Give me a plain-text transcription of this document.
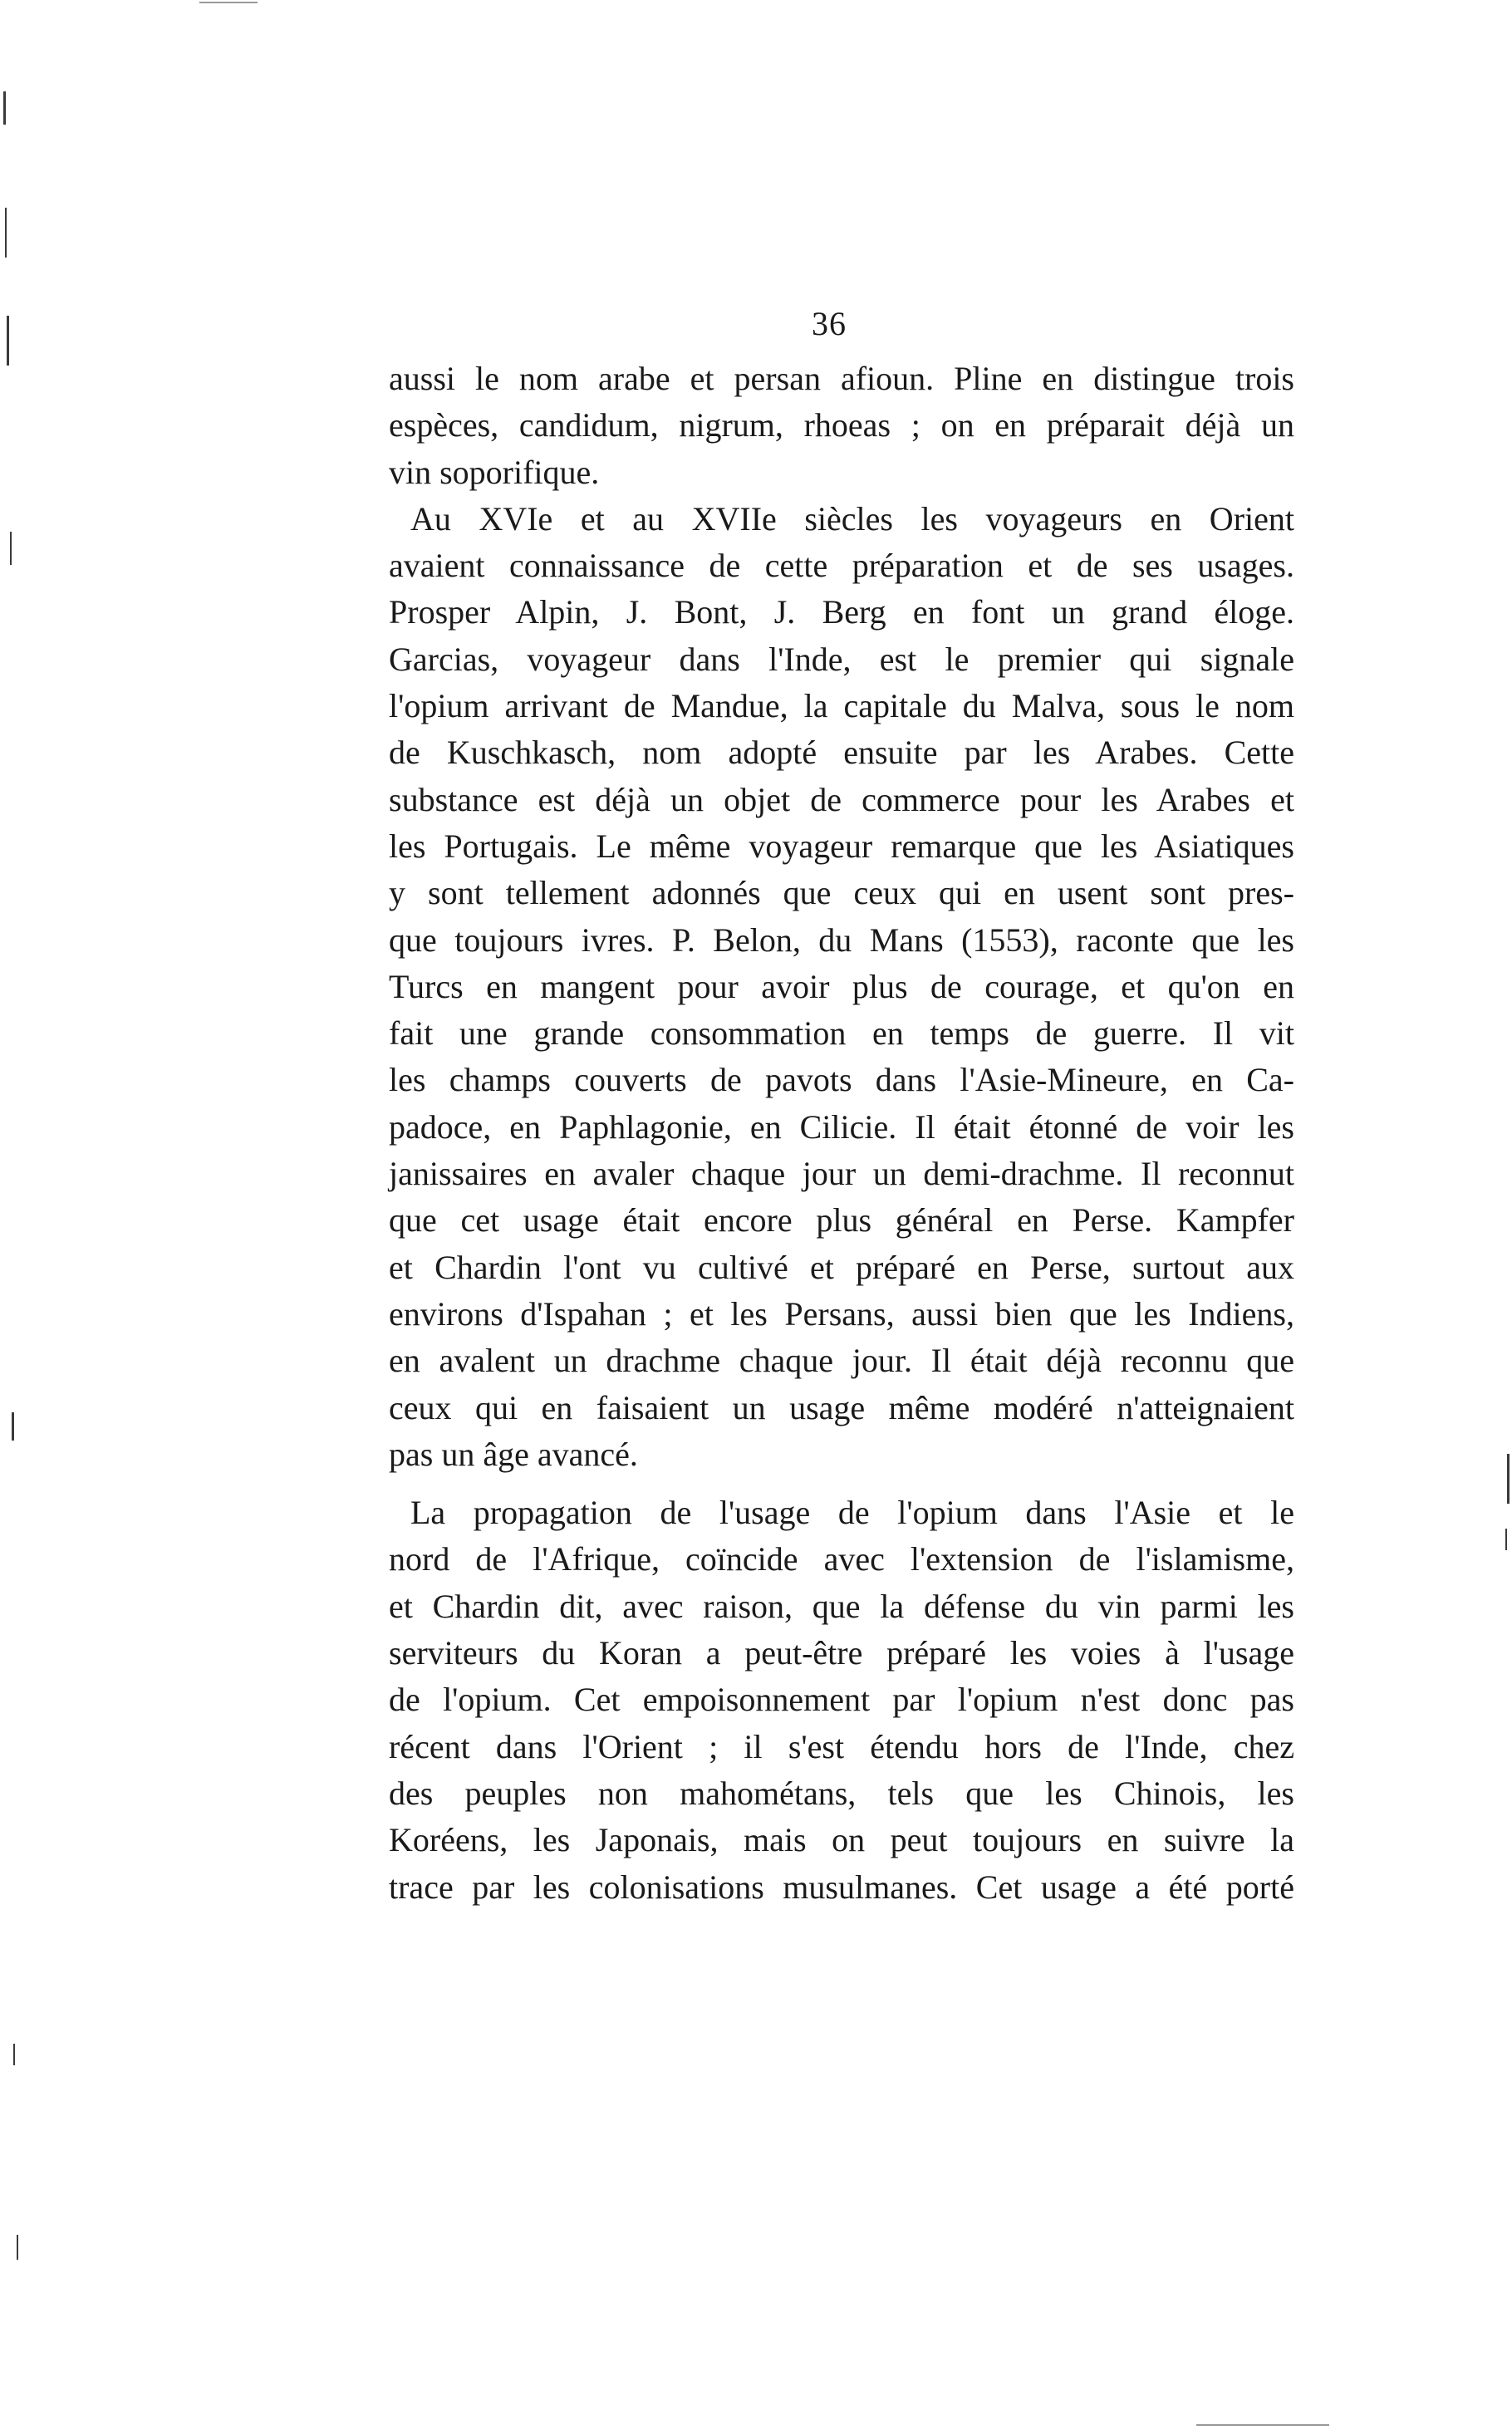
36
aussi le nom arabe et persan afioun. Pline en distingue trois
espèces, candidum, nigrum, rhoeas ; on en préparait déjà un
vin soporifique.
Au XVIe et au XVIIe siècles les voyageurs en Orient
avaient connaissance de cette préparation et de ses usages.
Prosper Alpin, J. Bont, J. Berg en font un grand éloge.
Garcias, voyageur dans l'Inde, est le premier qui signale
l'opium arrivant de Mandue, la capitale du Malva, sous le nom
de Kuschkasch, nom adopté ensuite par les Arabes. Cette
substance est déjà un objet de commerce pour les Arabes et
les Portugais. Le même voyageur remarque que les Asiatiques
y sont tellement adonnés que ceux qui en usent sont pres-
que toujours ivres. P. Belon, du Mans (1553), raconte que les
Turcs en mangent pour avoir plus de courage, et qu'on en
fait une grande consommation en temps de guerre. Il vit
les champs couverts de pavots dans l'Asie-Mineure, en Ca-
padoce, en Paphlagonie, en Cilicie. Il était étonné de voir les
janissaires en avaler chaque jour un demi-drachme. Il reconnut
que cet usage était encore plus général en Perse. Kampfer
et Chardin l'ont vu cultivé et préparé en Perse, surtout aux
environs d'Ispahan ; et les Persans, aussi bien que les Indiens,
en avalent un drachme chaque jour. Il était déjà reconnu que
ceux qui en faisaient un usage même modéré n'atteignaient
pas un âge avancé.
La propagation de l'usage de l'opium dans l'Asie et le
nord de l'Afrique, coïncide avec l'extension de l'islamisme,
et Chardin dit, avec raison, que la défense du vin parmi les
serviteurs du Koran a peut-être préparé les voies à l'usage
de l'opium. Cet empoisonnement par l'opium n'est donc pas
récent dans l'Orient ; il s'est étendu hors de l'Inde, chez
des peuples non mahométans, tels que les Chinois, les
Koréens, les Japonais, mais on peut toujours en suivre la
trace par les colonisations musulmanes. Cet usage a été porté
